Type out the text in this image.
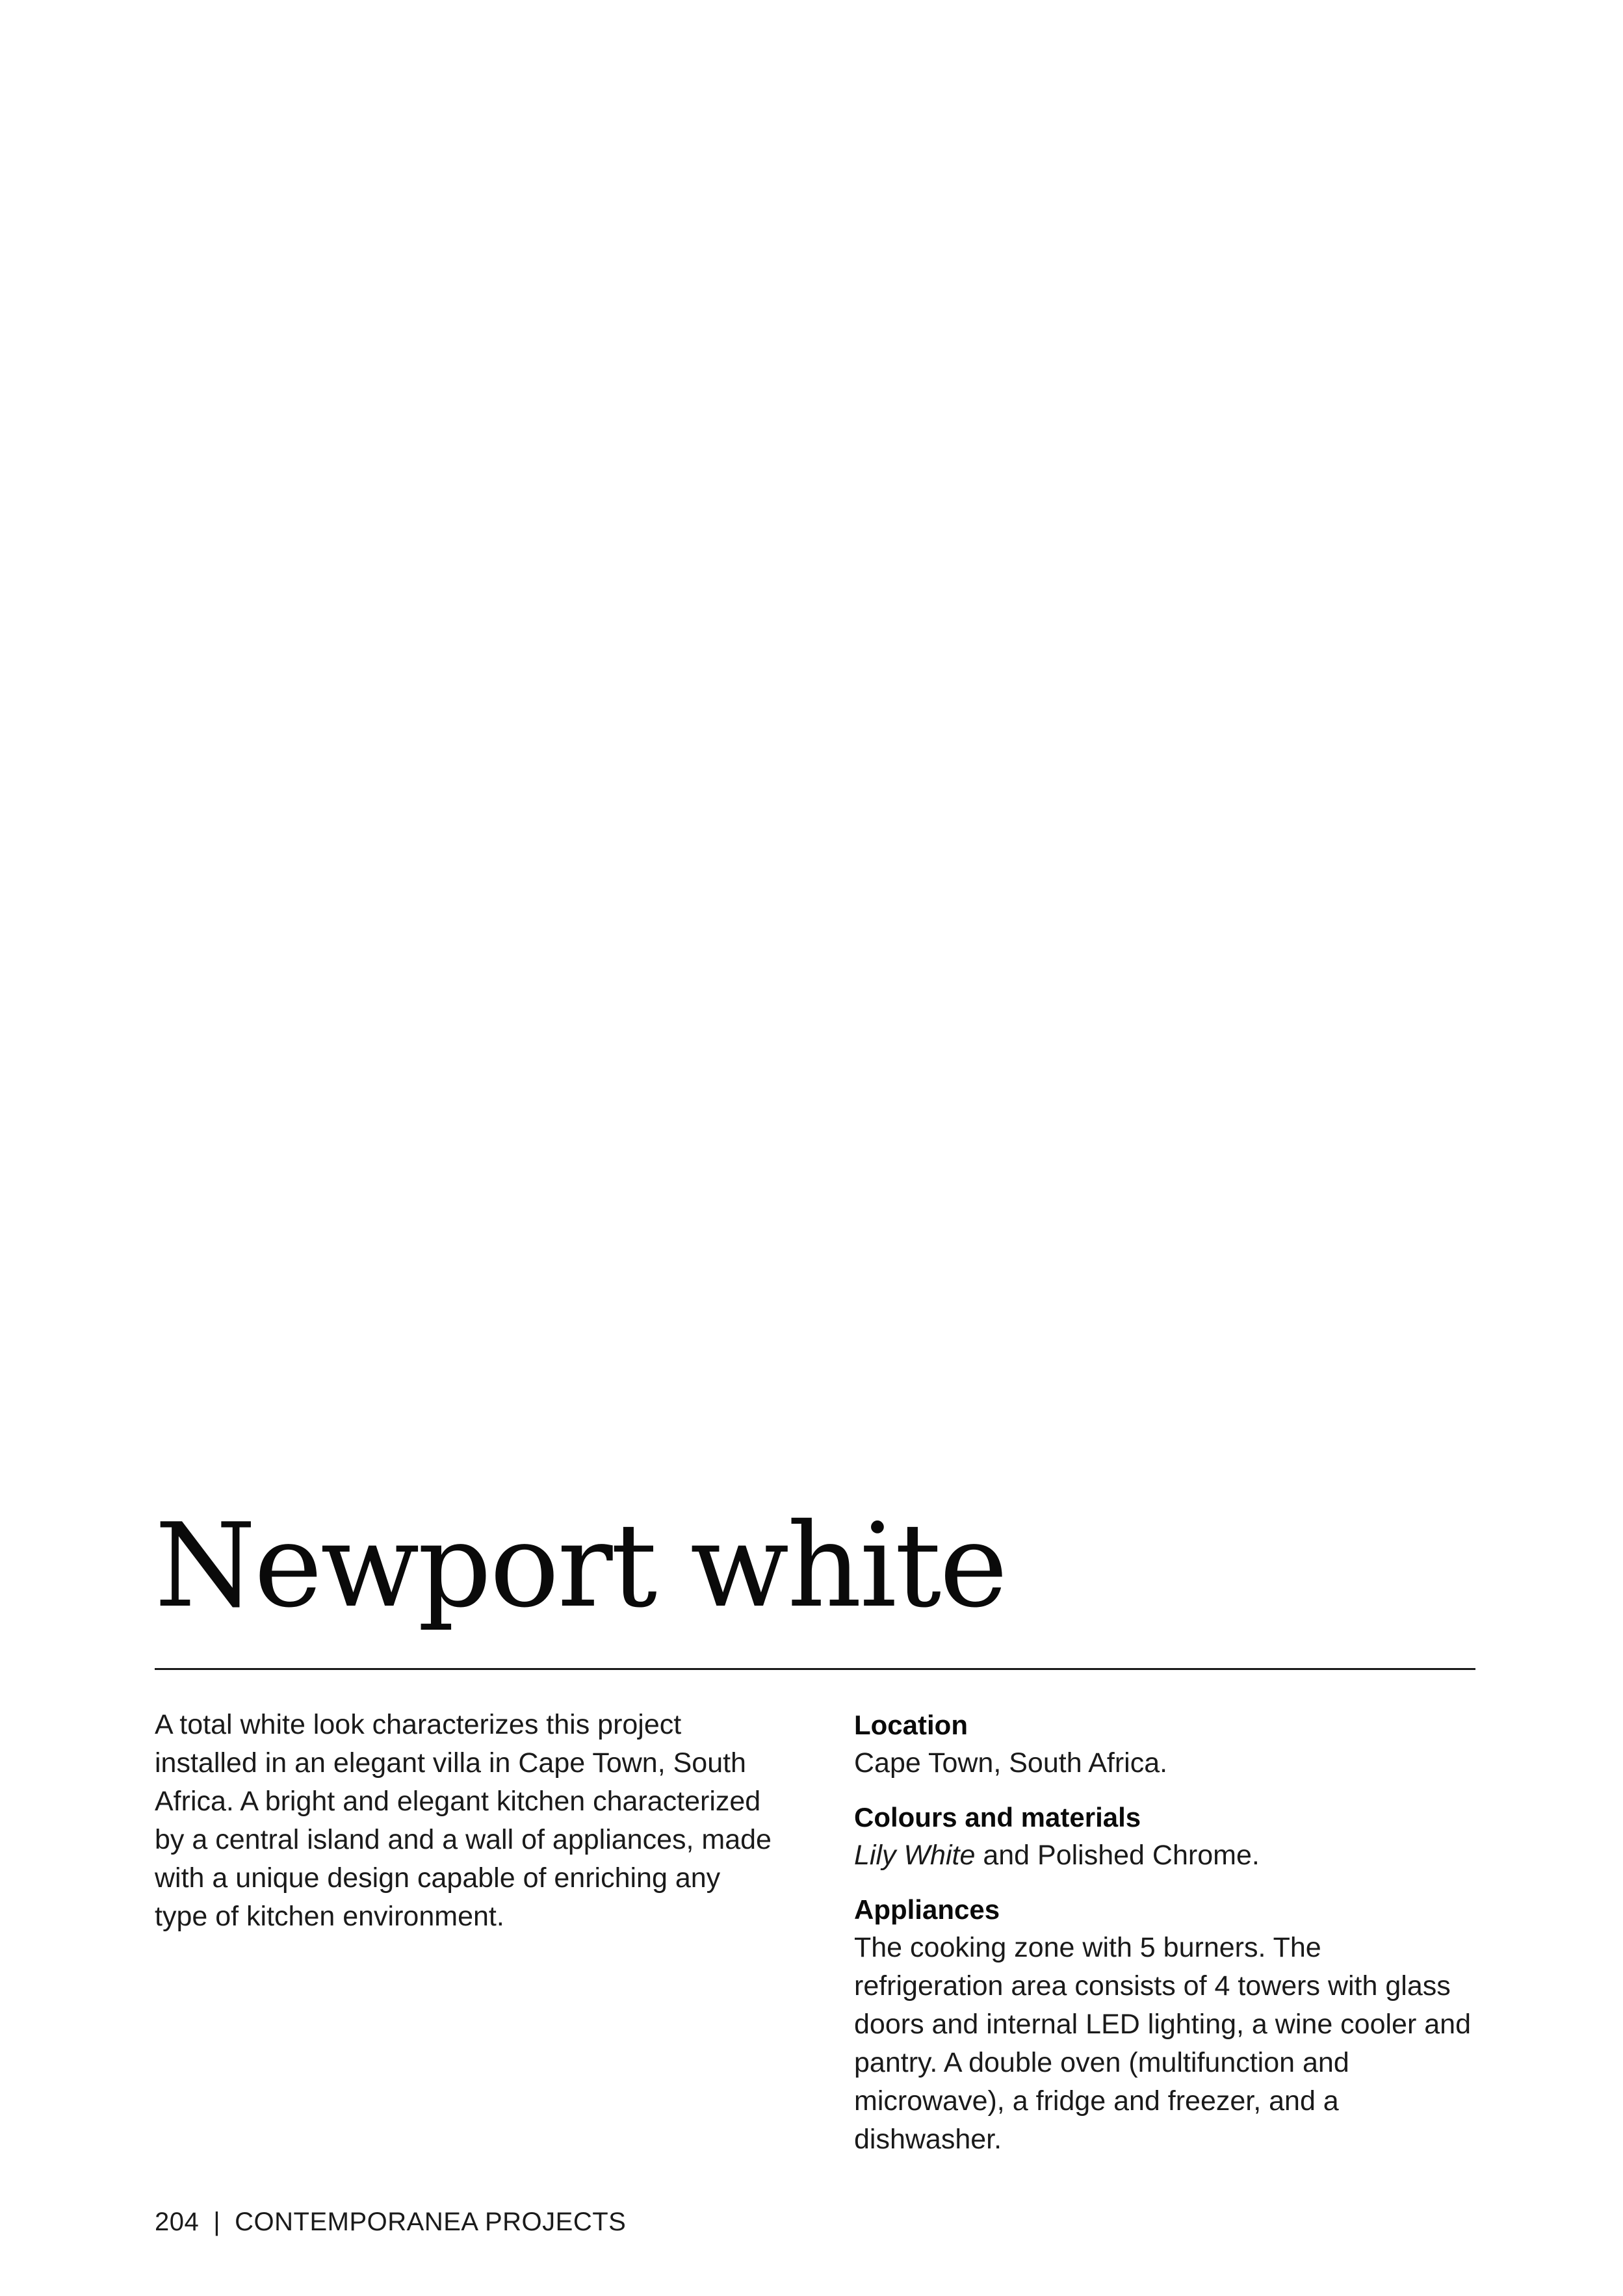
Newport white

A total white look characterizes this project installed in an elegant villa in Cape Town, South Africa. A bright and elegant kitchen characterized by a central island and a wall of appliances, made with a unique design capable of enriching any type of kitchen environment.

Location
Cape Town, South Africa.
Colours and materials
Lily White and Polished Chrome.
Appliances
The cooking zone with 5 burners. The refrigeration area consists of 4 towers with glass doors and internal LED lighting, a wine cooler and pantry. A double oven (multifunction and microwave), a fridge and freezer, and a dishwasher.
204 | CONTEMPORANEA PROJECTS
